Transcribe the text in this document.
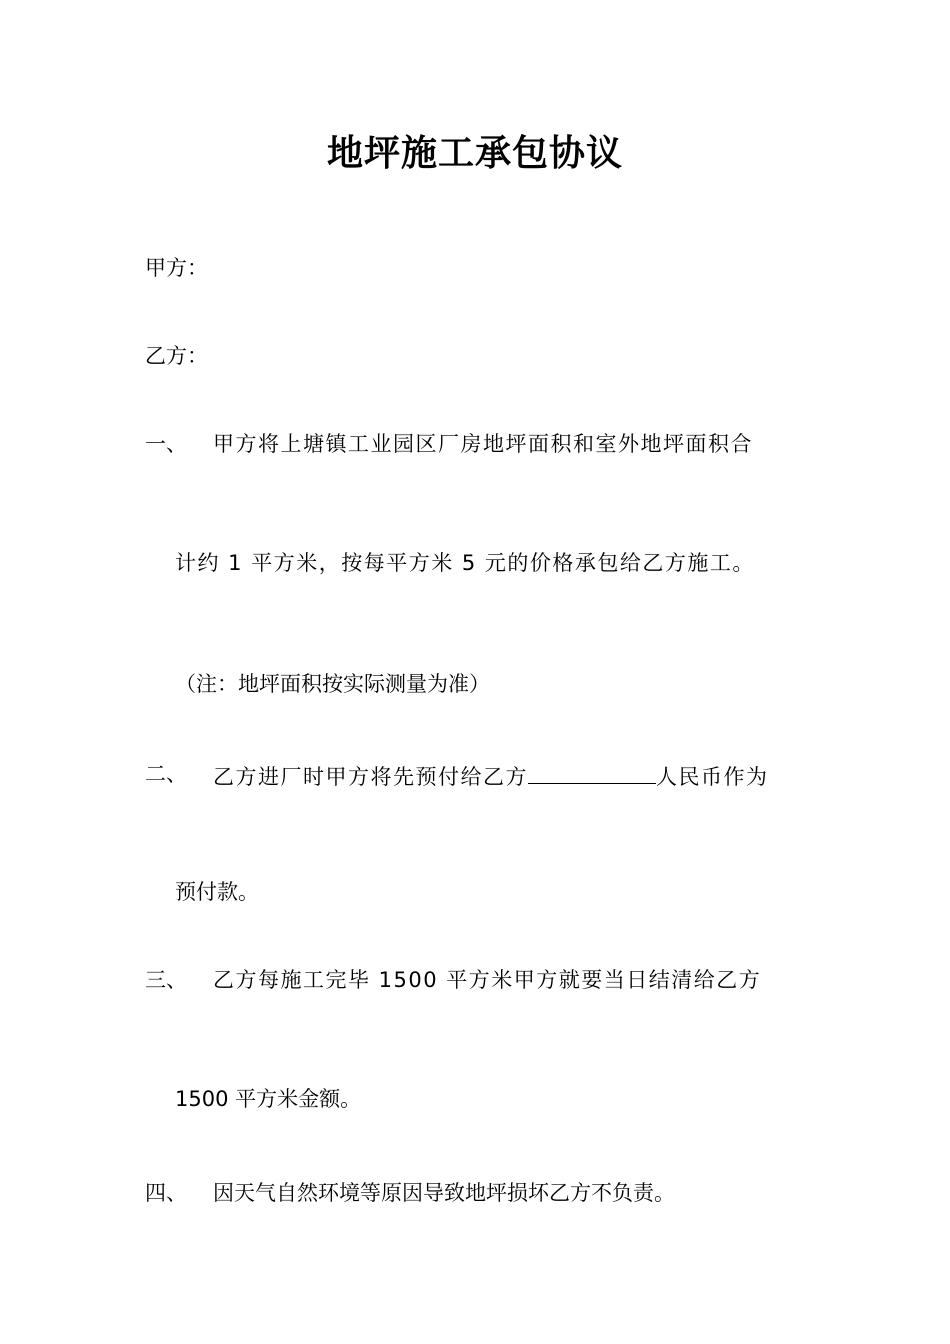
地坪施工承包协议
甲方：
乙方：
一、 甲方将上塘镇工业园区厂房地坪面积和室外地坪面积合
计约 1 平方米，按每平方米 5 元的价格承包给乙方施工。
（注：地坪面积按实际测量为准）
二、 乙方进厂时甲方将先预付给乙方	人民币作为
预付款。
三、 乙方每施工完毕 1500 平方米甲方就要当日结清给乙方
1500 平方米金额。
四、 因天气自然环境等原因导致地坪损坏乙方不负责。
